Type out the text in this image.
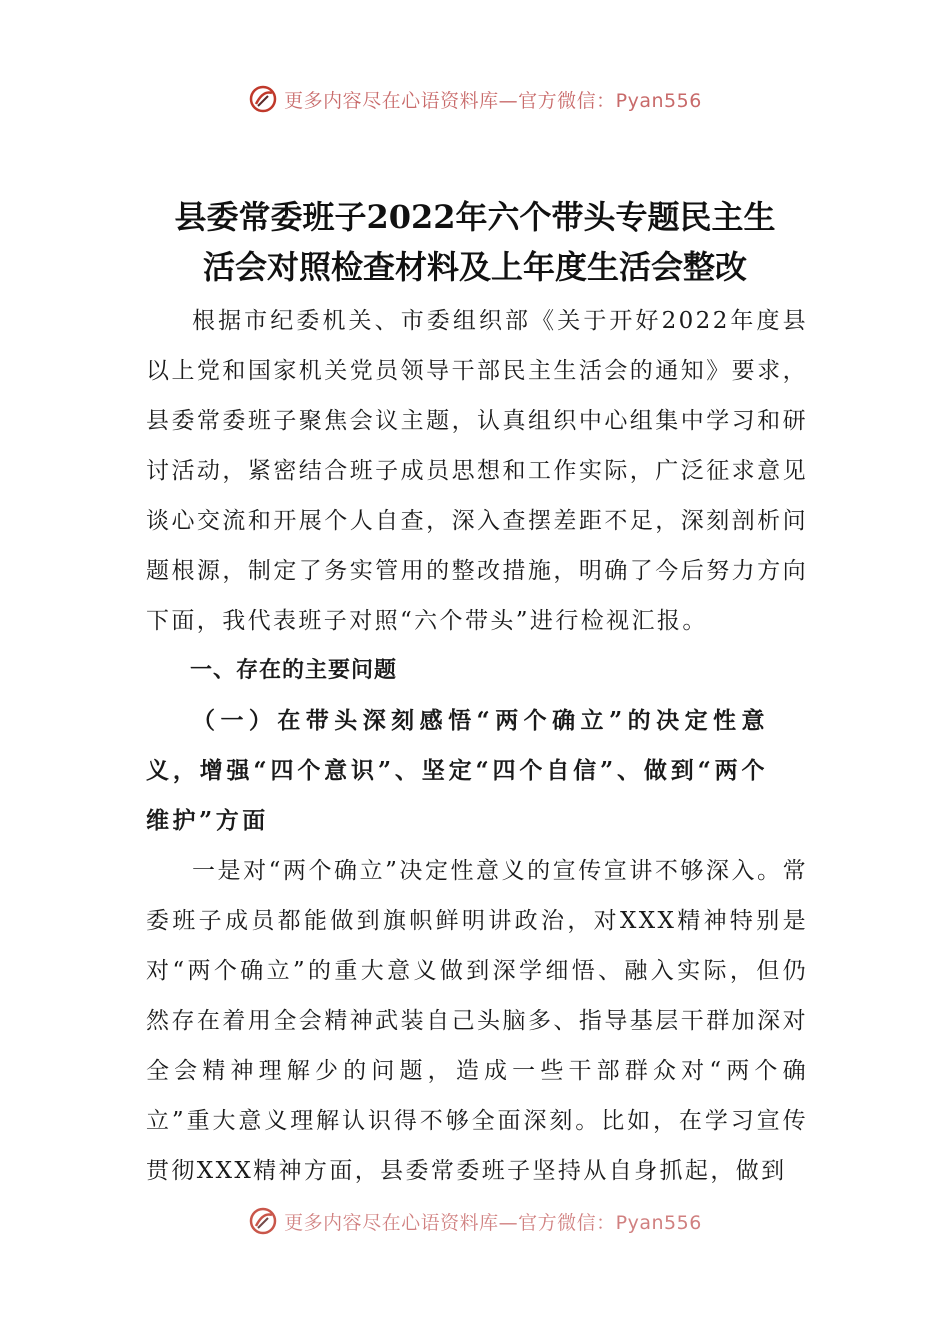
更多内容尽在心语资料库—官方微信：Pyan556
县委常委班子2022年六个带头专题民主生
活会对照检查材料及上年度生活会整改

根据市纪委机关、市委组织部《关于开好2022年度县以上党和国家机关党员领导干部民主生活会的通知》要求，县委常委班子聚焦会议主题，认真组织中心组集中学习和研讨活动，紧密结合班子成员思想和工作实际，广泛征求意见谈心交流和开展个人自查，深入查摆差距不足，深刻剖析问题根源，制定了务实管用的整改措施，明确了今后努力方向下面，我代表班子对照“六个带头”进行检视汇报。

一、存在的主要问题

（一）在带头深刻感悟“两个确立”的决定性意义，增强“四个意识”、坚定“四个自信”、做到“两个维护”方面

一是对“两个确立”决定性意义的宣传宣讲不够深入。常委班子成员都能做到旗帜鲜明讲政治，对XXX精神特别是对“两个确立”的重大意义做到深学细悟、融入实际，但仍然存在着用全会精神武装自己头脑多、指导基层干群加深对全会精神理解少的问题，造成一些干部群众对“两个确立”重大意义理解认识得不够全面深刻。比如，在学习宣传贯彻XXX精神方面，县委常委班子坚持从自身抓起，做到

更多内容尽在心语资料库—官方微信：Pyan556
